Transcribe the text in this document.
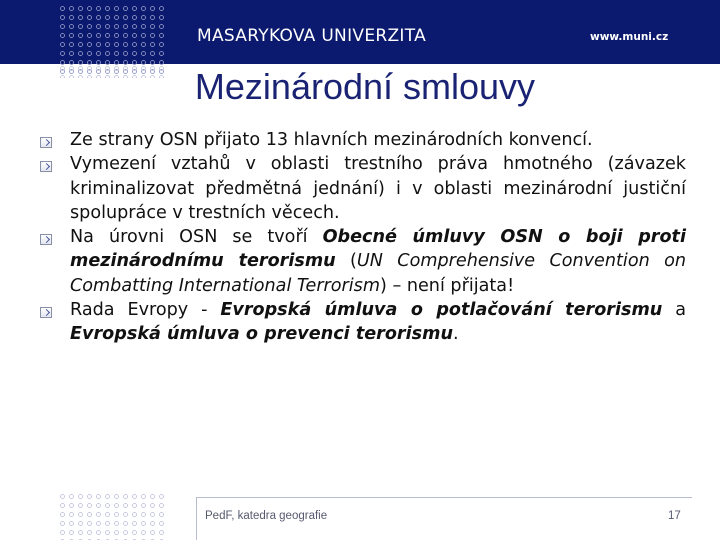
MASARYKOVA UNIVERZITA	www.muni.cz
Mezinárodní smlouvy
Ze strany OSN přijato 13 hlavních mezinárodních konvencí.
Vymezení vztahů v oblasti trestního práva hmotného (závazek kriminalizovat předmětná jednání) i v oblasti mezinárodní justiční spolupráce v trestních věcech.
Na úrovni OSN se tvoří Obecné úmluvy OSN o boji proti mezinárodnímu terorismu (UN Comprehensive Convention on Combatting International Terrorism) – není přijata!
Rada Evropy - Evropská úmluva o potlačování terorismu a Evropská úmluva o prevenci terorismu.
PedF, katedra geografie	17
